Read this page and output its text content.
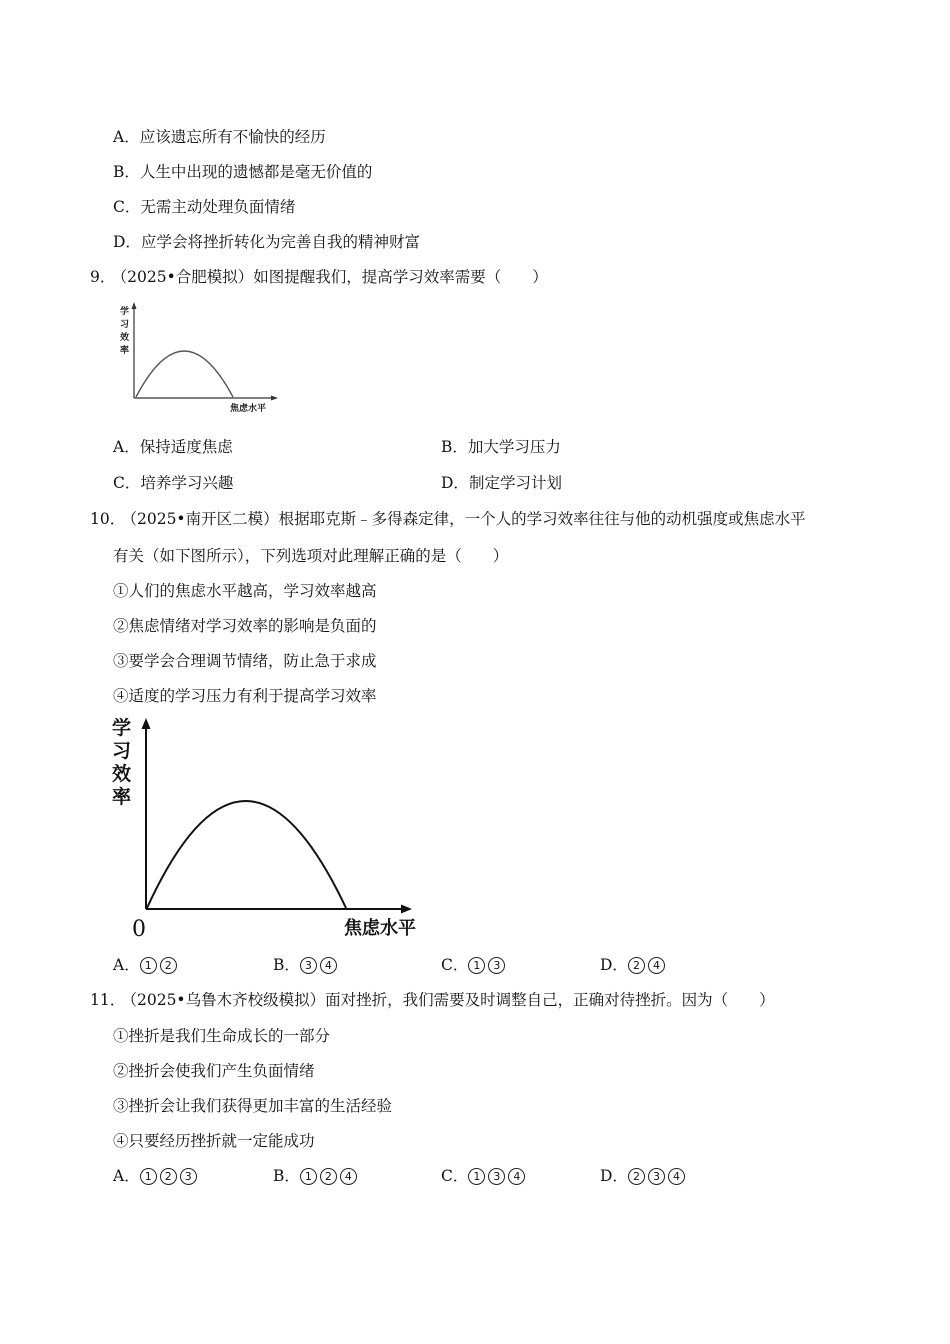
A．应该遗忘所有不愉快的经历
B．人生中出现的遗憾都是毫无价值的
C．无需主动处理负面情绪
D．应学会将挫折转化为完善自我的精神财富
9． （2025•合肥模拟）如图提醒我们，提高学习效率需要（　　）
学
习
效
率
焦虑水平
A．保持适度焦虑	B．加大学习压力
C．培养学习兴趣	D．制定学习计划
10． （2025•南开区二模）根据耶克斯﹣多得森定律，一个人的学习效率往往与他的动机强度或焦虑水平
有关（如下图所示），下列选项对此理解正确的是（　　）
①人们的焦虑水平越高，学习效率越高
②焦虑情绪对学习效率的影响是负面的
③要学会合理调节情绪，防止急于求成
④适度的学习压力有利于提高学习效率
学
习
效
率
0	焦虑水平
A． 1 2	B． 3 4	C． 1 3	D． 2 4
11． （2025•乌鲁木齐校级模拟）面对挫折，我们需要及时调整自己，正确对待挫折。因为（　　）
①挫折是我们生命成长的一部分
②挫折会使我们产生负面情绪
③挫折会让我们获得更加丰富的生活经验
④只要经历挫折就一定能成功
A． 1 2 3	B． 1 2 4	C． 1 3 4	D． 2 3 4
